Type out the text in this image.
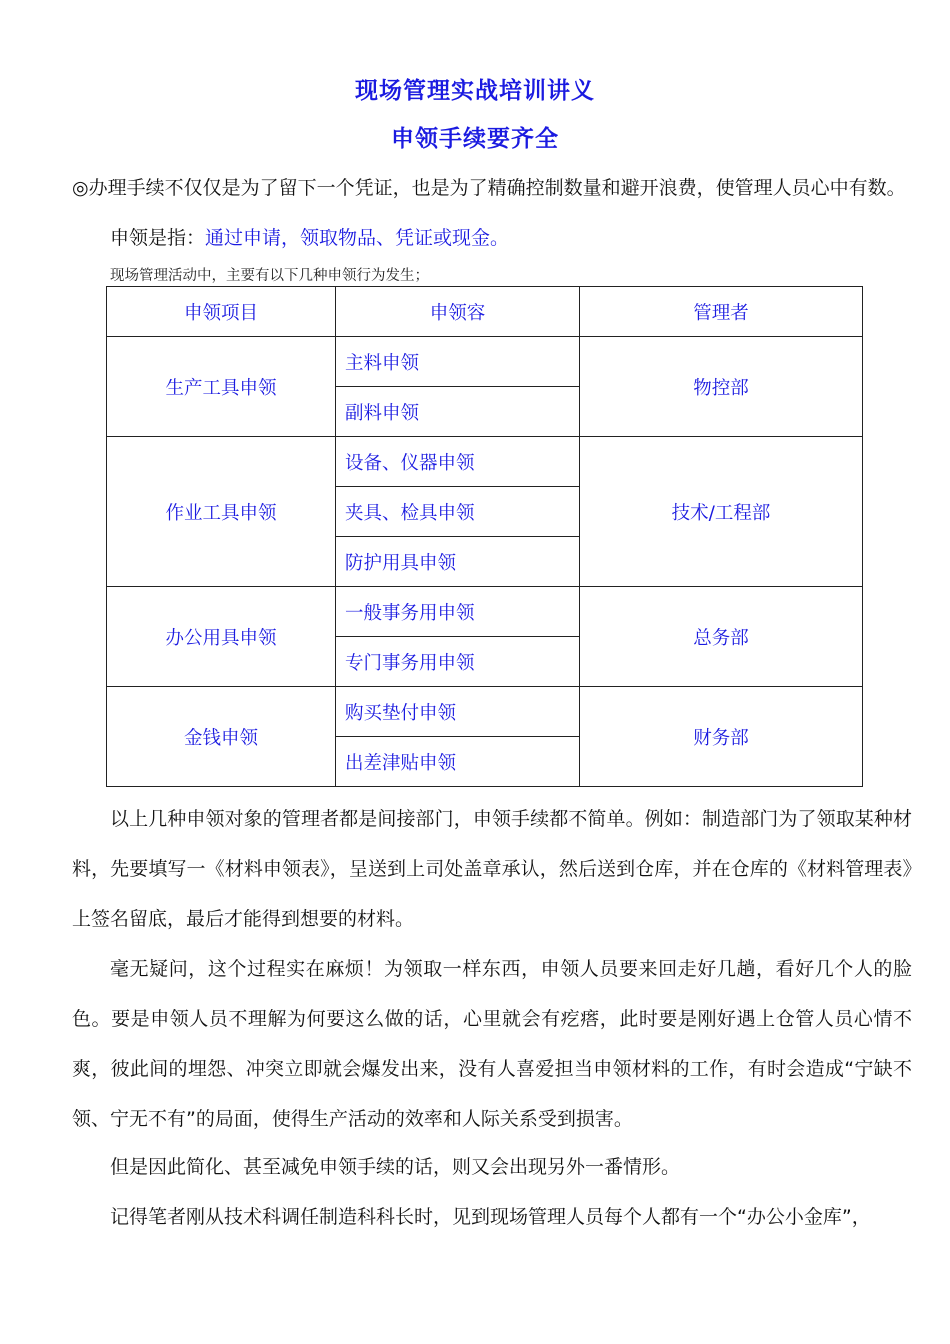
现场管理实战培训讲义
申领手续要齐全
◎办理手续不仅仅是为了留下一个凭证，也是为了精确控制数量和避开浪费，使管理人员心中有数。
申领是指：通过申请，领取物品、凭证或现金。
现场管理活动中，主要有以下几种申领行为发生；
申领项目	申领容	管理者
生产工具申领	主料申领	物控部
	副料申领	
作业工具申领	设备、仪器申领	技术/工程部
	夹具、检具申领	
	防护用具申领	
办公用具申领	一般事务用申领	总务部
	专门事务用申领	
金钱申领	购买垫付申领	财务部
	出差津贴申领	
以上几种申领对象的管理者都是间接部门，申领手续都不简单。例如：制造部门为了领取某种材料，先要填写一《材料申领表》，呈送到上司处盖章承认，然后送到仓库，并在仓库的《材料管理表》上签名留底，最后才能得到想要的材料。
毫无疑问，这个过程实在麻烦！为领取一样东西，申领人员要来回走好几趟，看好几个人的脸色。要是申领人员不理解为何要这么做的话，心里就会有疙瘩，此时要是刚好遇上仓管人员心情不爽，彼此间的埋怨、冲突立即就会爆发出来，没有人喜爱担当申领材料的工作，有时会造成“宁缺不领、宁无不有”的局面，使得生产活动的效率和人际关系受到损害。
但是因此简化、甚至减免申领手续的话，则又会出现另外一番情形。
记得笔者刚从技术科调任制造科科长时，见到现场管理人员每个人都有一个“办公小金库”，
